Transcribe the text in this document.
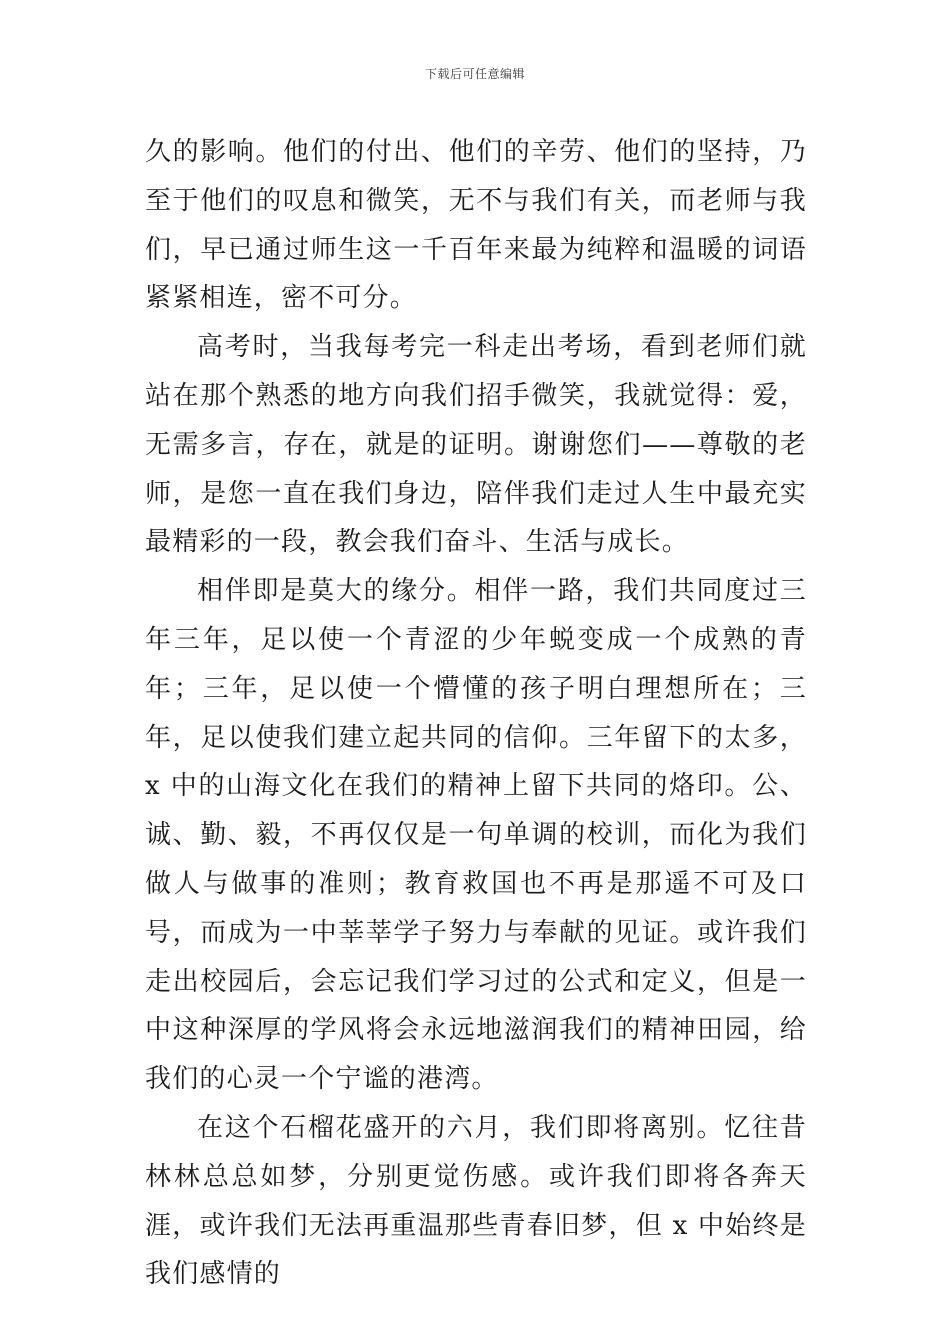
下载后可任意编辑

久的影响。他们的付出、他们的辛劳、他们的坚持，乃至于他们的叹息和微笑，无不与我们有关，而老师与我们，早已通过师生这一千百年来最为纯粹和温暖的词语紧紧相连，密不可分。

高考时，当我每考完一科走出考场，看到老师们就站在那个熟悉的地方向我们招手微笑，我就觉得：爱，无需多言，存在，就是的证明。谢谢您们——尊敬的老师，是您一直在我们身边，陪伴我们走过人生中最充实最精彩的一段，教会我们奋斗、生活与成长。

相伴即是莫大的缘分。相伴一路，我们共同度过三年三年，足以使一个青涩的少年蜕变成一个成熟的青年；三年，足以使一个懵懂的孩子明白理想所在；三年，足以使我们建立起共同的信仰。三年留下的太多，x 中的山海文化在我们的精神上留下共同的烙印。公、诚、勤、毅，不再仅仅是一句单调的校训，而化为我们做人与做事的准则；教育救国也不再是那遥不可及口号，而成为一中莘莘学子努力与奉献的见证。或许我们走出校园后，会忘记我们学习过的公式和定义，但是一中这种深厚的学风将会永远地滋润我们的精神田园，给我们的心灵一个宁谧的港湾。

在这个石榴花盛开的六月，我们即将离别。忆往昔林林总总如梦，分别更觉伤感。或许我们即将各奔天涯，或许我们无法再重温那些青春旧梦，但 x 中始终是我们感情的
